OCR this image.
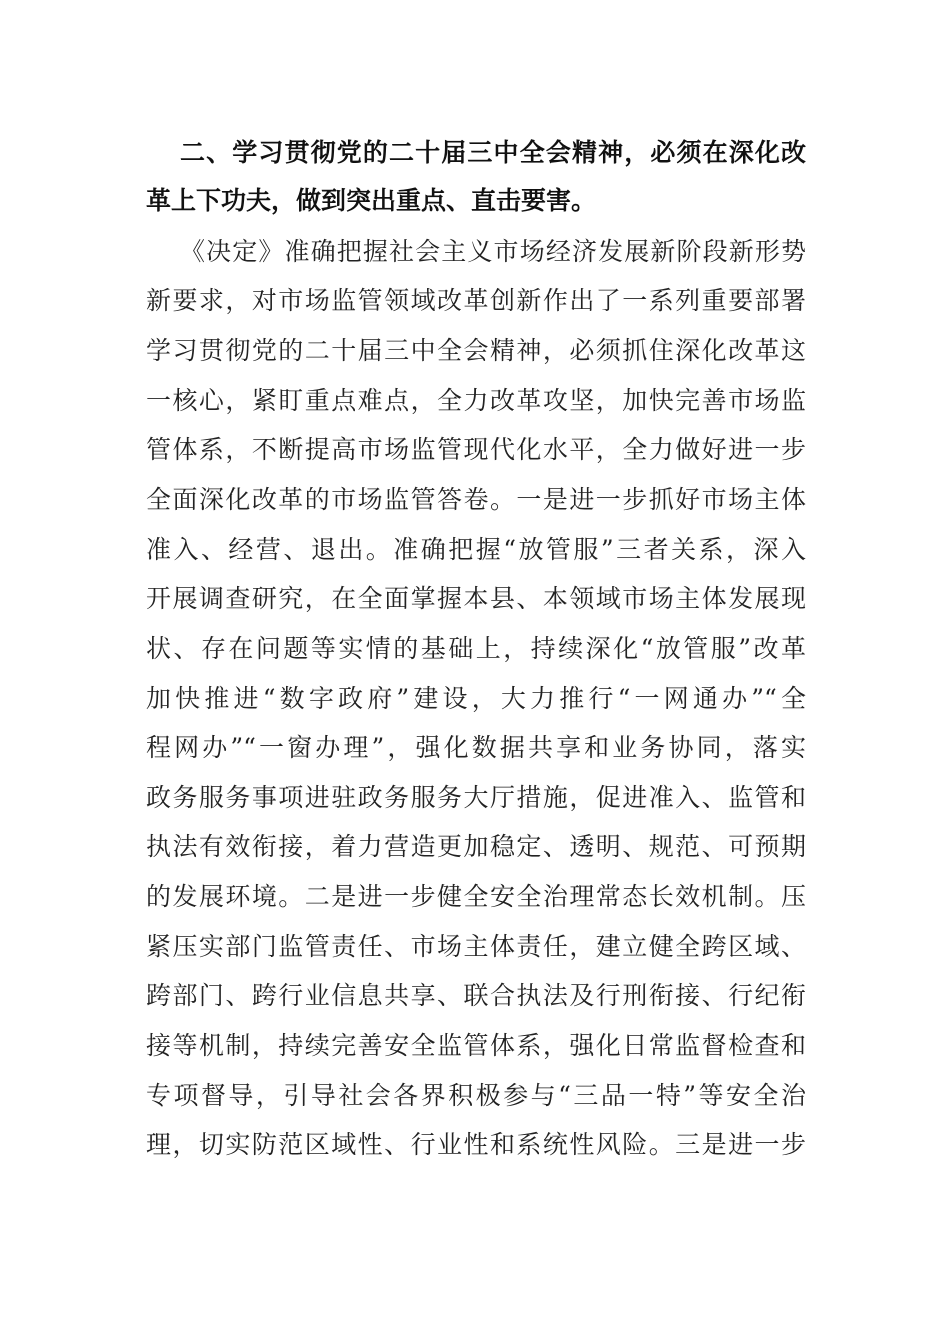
二、学习贯彻党的二十届三中全会精神，必须在深化改
革上下功夫，做到突出重点、直击要害。
《决定》准确把握社会主义市场经济发展新阶段新形势
新要求，对市场监管领域改革创新作出了一系列重要部署
学习贯彻党的二十届三中全会精神，必须抓住深化改革这
一核心，紧盯重点难点，全力改革攻坚，加快完善市场监
管体系，不断提高市场监管现代化水平，全力做好进一步
全面深化改革的市场监管答卷。一是进一步抓好市场主体
准入、经营、退出。准确把握“放管服”三者关系，深入
开展调查研究，在全面掌握本县、本领域市场主体发展现
状、存在问题等实情的基础上，持续深化“放管服”改革
加快推进“数字政府”建设，大力推行“一网通办”“全
程网办”“一窗办理”，强化数据共享和业务协同，落实
政务服务事项进驻政务服务大厅措施，促进准入、监管和
执法有效衔接，着力营造更加稳定、透明、规范、可预期
的发展环境。二是进一步健全安全治理常态长效机制。压
紧压实部门监管责任、市场主体责任，建立健全跨区域、
跨部门、跨行业信息共享、联合执法及行刑衔接、行纪衔
接等机制，持续完善安全监管体系，强化日常监督检查和
专项督导，引导社会各界积极参与“三品一特”等安全治
理，切实防范区域性、行业性和系统性风险。三是进一步
